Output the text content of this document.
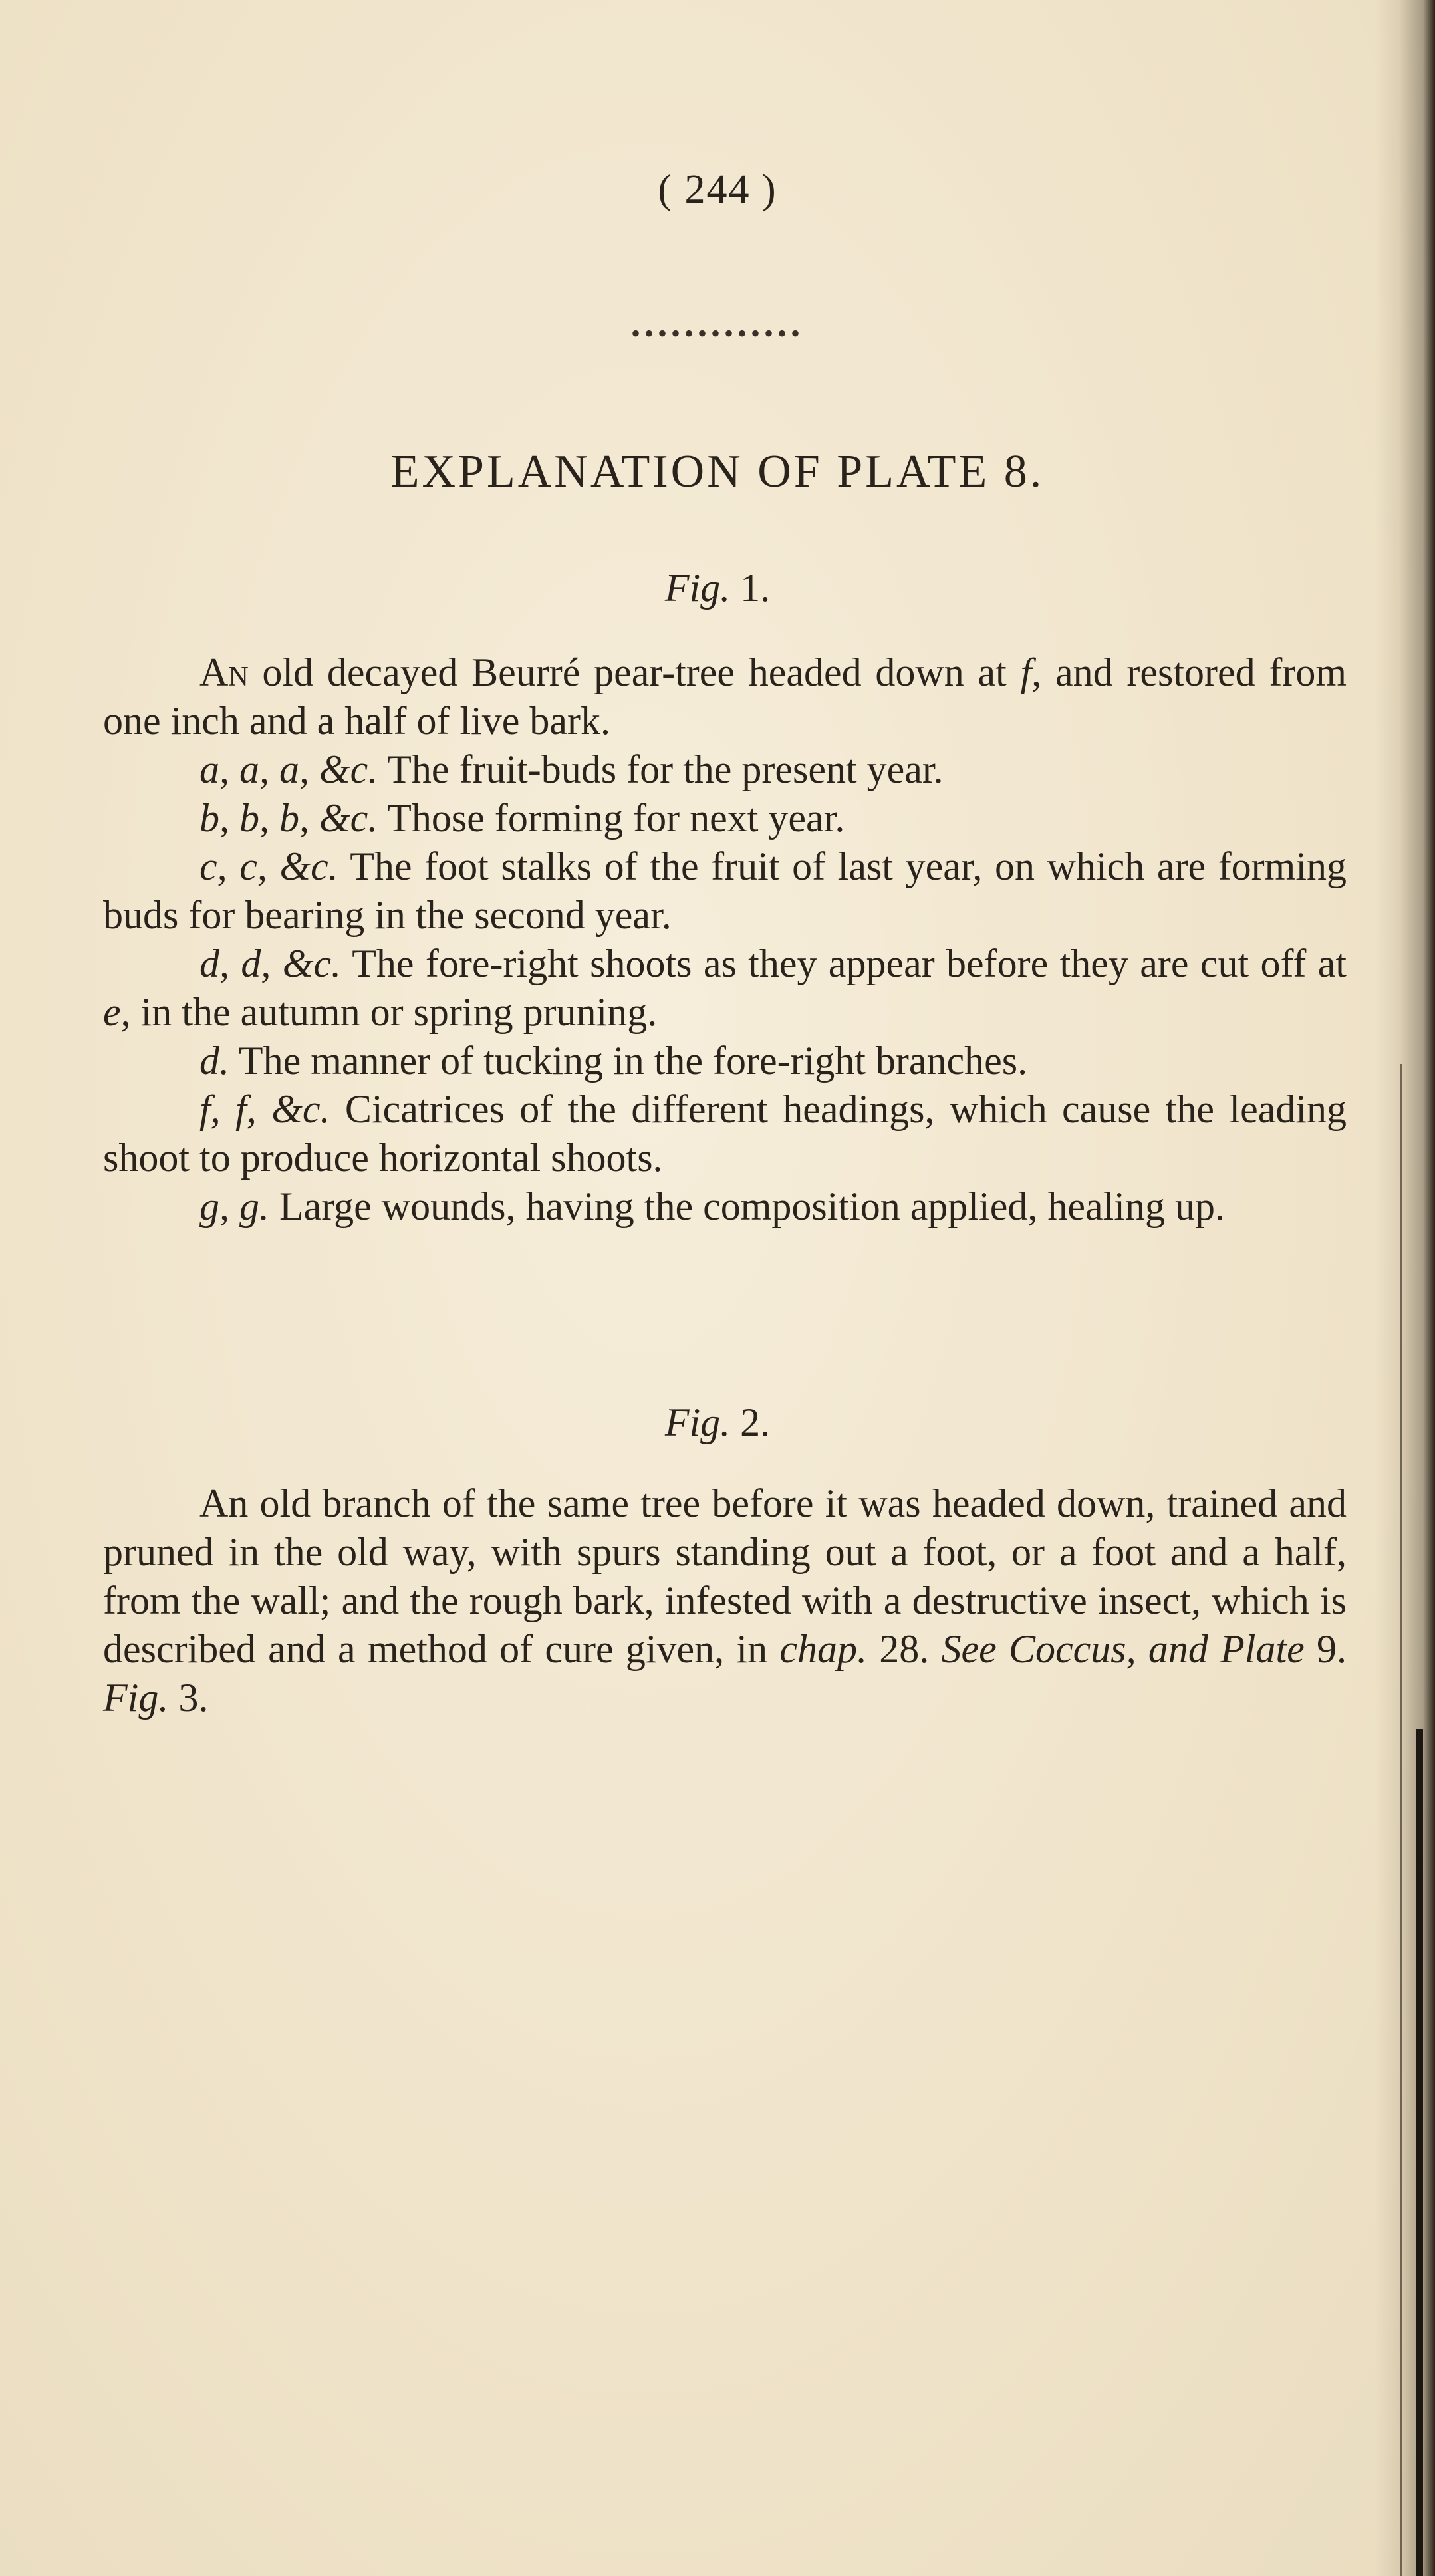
( 244 )
•••••••••••••
EXPLANATION OF PLATE 8.
Fig. 1.

An old decayed Beurré pear-tree headed down at f, and restored from one inch and a half of live bark.

a, a, a, &c. The fruit-buds for the present year.

b, b, b, &c. Those forming for next year.

c, c, &c. The foot stalks of the fruit of last year, on which are forming buds for bearing in the second year.

d, d, &c. The fore-right shoots as they appear before they are cut off at e, in the autumn or spring pruning.

d. The manner of tucking in the fore-right branches.

f, f, &c. Cicatrices of the different headings, which cause the leading shoot to produce horizontal shoots.

g, g. Large wounds, having the composition applied, healing up.

Fig. 2.

An old branch of the same tree before it was headed down, trained and pruned in the old way, with spurs standing out a foot, or a foot and a half, from the wall; and the rough bark, infested with a destructive insect, which is described and a method of cure given, in chap. 28. See Coccus, and Plate 9. Fig. 3.
